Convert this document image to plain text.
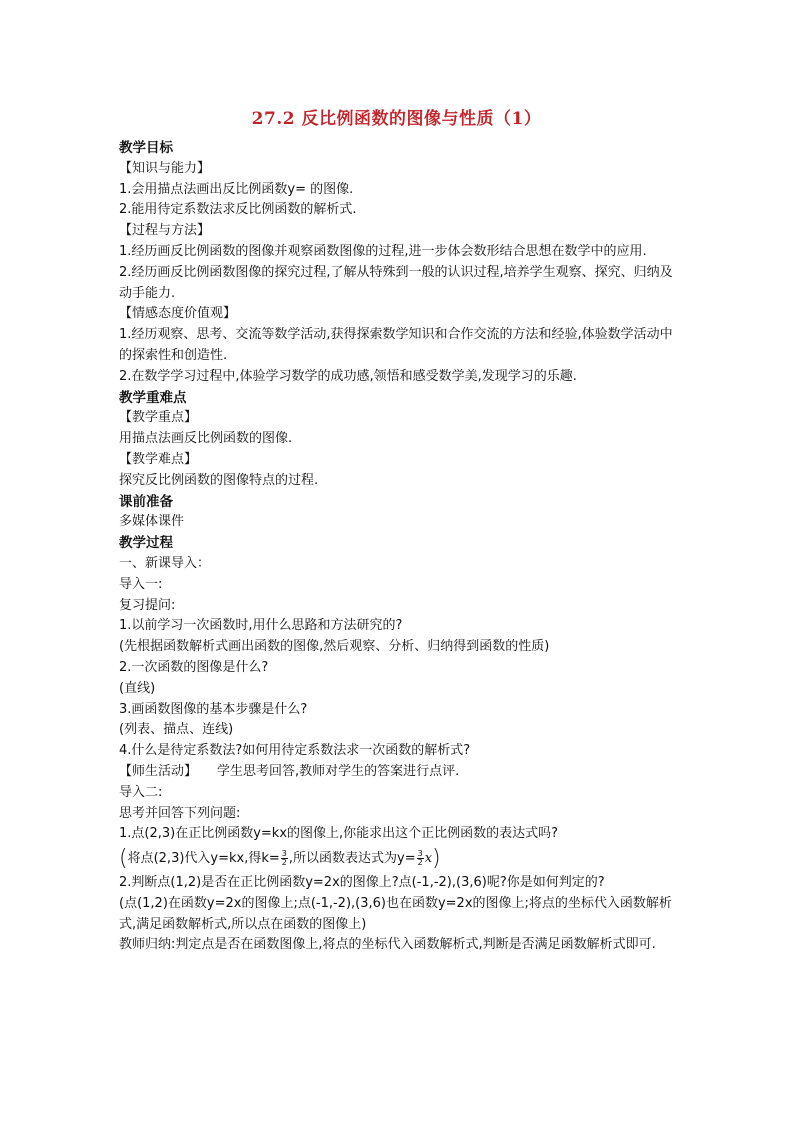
27.2 反比例函数的图像与性质（1）
教学目标
【知识与能力】
1.会用描点法画出反比例函数y= 的图像.
2.能用待定系数法求反比例函数的解析式.
【过程与方法】
1.经历画反比例函数的图像并观察函数图像的过程,进一步体会数形结合思想在数学中的应用.
2.经历画反比例函数图像的探究过程,了解从特殊到一般的认识过程,培养学生观察、探究、归纳及动手能力.
【情感态度价值观】
1.经历观察、思考、交流等数学活动,获得探索数学知识和合作交流的方法和经验,体验数学活动中的探索性和创造性.
2.在数学学习过程中,体验学习数学的成功感,领悟和感受数学美,发现学习的乐趣.
教学重难点
【教学重点】
用描点法画反比例函数的图像.
【教学难点】
探究反比例函数的图像特点的过程.
课前准备
多媒体课件
教学过程
一、新课导入：
导入一:
复习提问:
1.以前学习一次函数时,用什么思路和方法研究的?
(先根据函数解析式画出函数的图像,然后观察、分析、归纳得到函数的性质)
2.一次函数的图像是什么?
(直线)
3.画函数图像的基本步骤是什么?
(列表、描点、连线)
4.什么是待定系数法?如何用待定系数法求一次函数的解析式?
【师生活动】 学生思考回答,教师对学生的答案进行点评.
导入二:
思考并回答下列问题:
1.点(2,3)在正比例函数y=kx的图像上,你能求出这个正比例函数的表达式吗?
(将点(2,3)代入y=kx,得$k= \frac{3}{2}$ ,所以函数表达式为$y= \frac{3}{2} x$)
2.判断点(1,2)是否在正比例函数y=2x的图像上?点(-1,-2),(3,6)呢?你是如何判定的?
(点(1,2)在函数y=2x的图像上;点(-1,-2),(3,6)也在函数y=2x的图像上;将点的坐标代入函数解析式,满足函数解析式,所以点在函数的图像上)
教师归纳:判定点是否在函数图像上,将点的坐标代入函数解析式,判断是否满足函数解析式即可.
